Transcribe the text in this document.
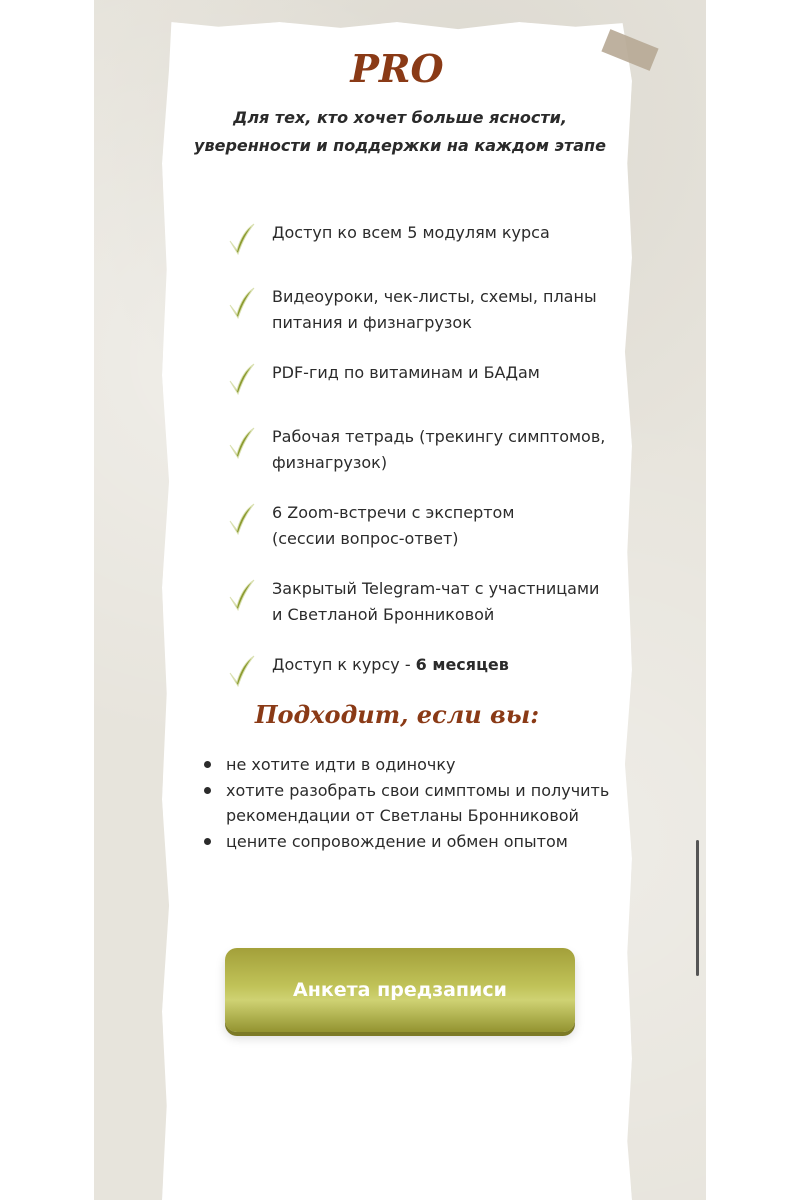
PRO
Для тех, кто хочет больше ясности,
уверенности и поддержки на каждом этапе
Доступ ко всем 5 модулям курса
Видеоуроки, чек-листы, схемы, планы
питания и физнагрузок
PDF-гид по витаминам и БАДам
Рабочая тетрадь (трекингу симптомов,
физнагрузок)
6 Zoom-встречи с экспертом
(сессии вопрос-ответ)
Закрытый Telegram-чат с участницами
и Светланой Бронниковой
Доступ к курсу - 6 месяцев
Подходит, если вы:
не хотите идти в одиночку
хотите разобрать свои симптомы и получить
рекомендации от Светланы Бронниковой
цените сопровождение и обмен опытом
Анкета предзаписи
